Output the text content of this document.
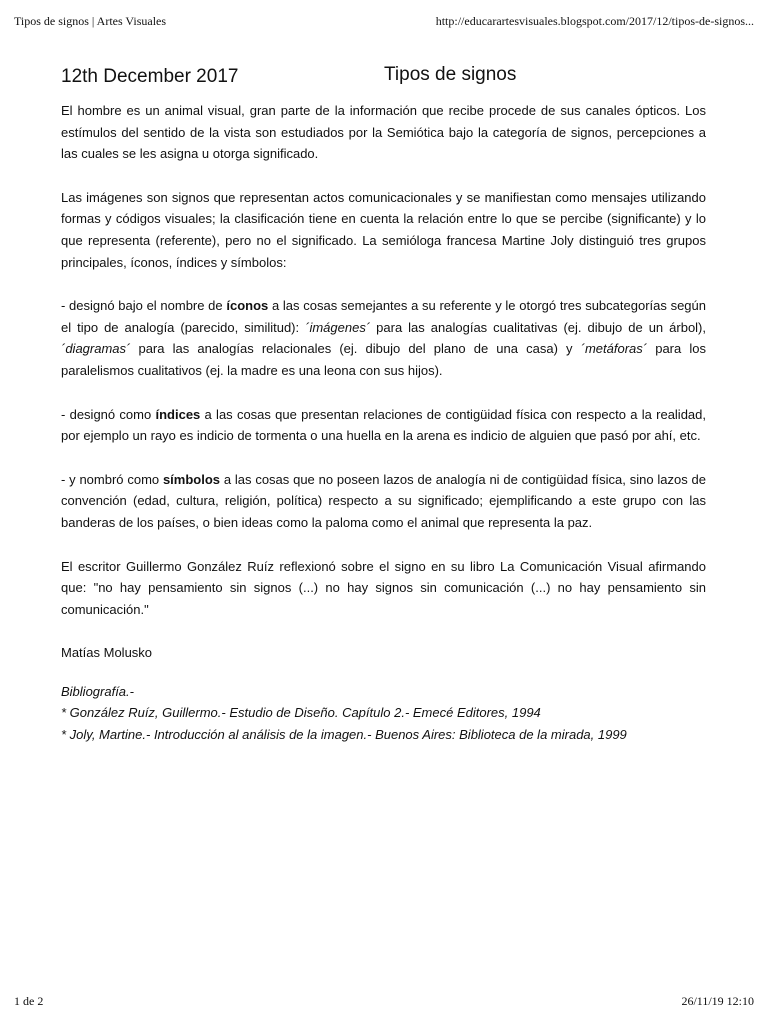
Tipos de signos | Artes Visuales	http://educarartesvisuales.blogspot.com/2017/12/tipos-de-signos...
12th December 2017	Tipos de signos

El hombre es un animal visual, gran parte de la información que recibe procede de sus canales ópticos. Los estímulos del sentido de la vista son estudiados por la Semiótica bajo la categoría de signos, percepciones a las cuales se les asigna u otorga significado.

Las imágenes son signos que representan actos comunicacionales y se manifiestan como mensajes utilizando formas y códigos visuales; la clasificación tiene en cuenta la relación entre lo que se percibe (significante) y lo que representa (referente), pero no el significado. La semióloga francesa Martine Joly distinguió tres grupos principales, íconos, índices y símbolos:

- designó bajo el nombre de íconos a las cosas semejantes a su referente y le otorgó tres subcategorías según el tipo de analogía (parecido, similitud): ´imágenes´ para las analogías cualitativas (ej. dibujo de un árbol), ´diagramas´ para las analogías relacionales (ej. dibujo del plano de una casa) y ´metáforas´ para los paralelismos cualitativos (ej. la madre es una leona con sus hijos).

- designó como índices a las cosas que presentan relaciones de contigüidad física con respecto a la realidad, por ejemplo un rayo es indicio de tormenta o una huella en la arena es indicio de alguien que pasó por ahí, etc.

- y nombró como símbolos a las cosas que no poseen lazos de analogía ni de contigüidad física, sino lazos de convención (edad, cultura, religión, política) respecto a su significado; ejemplificando a este grupo con las banderas de los países, o bien ideas como la paloma como el animal que representa la paz.

El escritor Guillermo González Ruíz reflexionó sobre el signo en su libro La Comunicación Visual afirmando que: "no hay pensamiento sin signos (...) no hay signos sin comunicación (...) no hay pensamiento sin comunicación."

Matías Molusko

Bibliografía.-
* González Ruíz, Guillermo.- Estudio de Diseño. Capítulo 2.- Emecé Editores, 1994
* Joly, Martine.- Introducción al análisis de la imagen.- Buenos Aires: Biblioteca de la mirada, 1999
1 de 2	26/11/19 12:10
